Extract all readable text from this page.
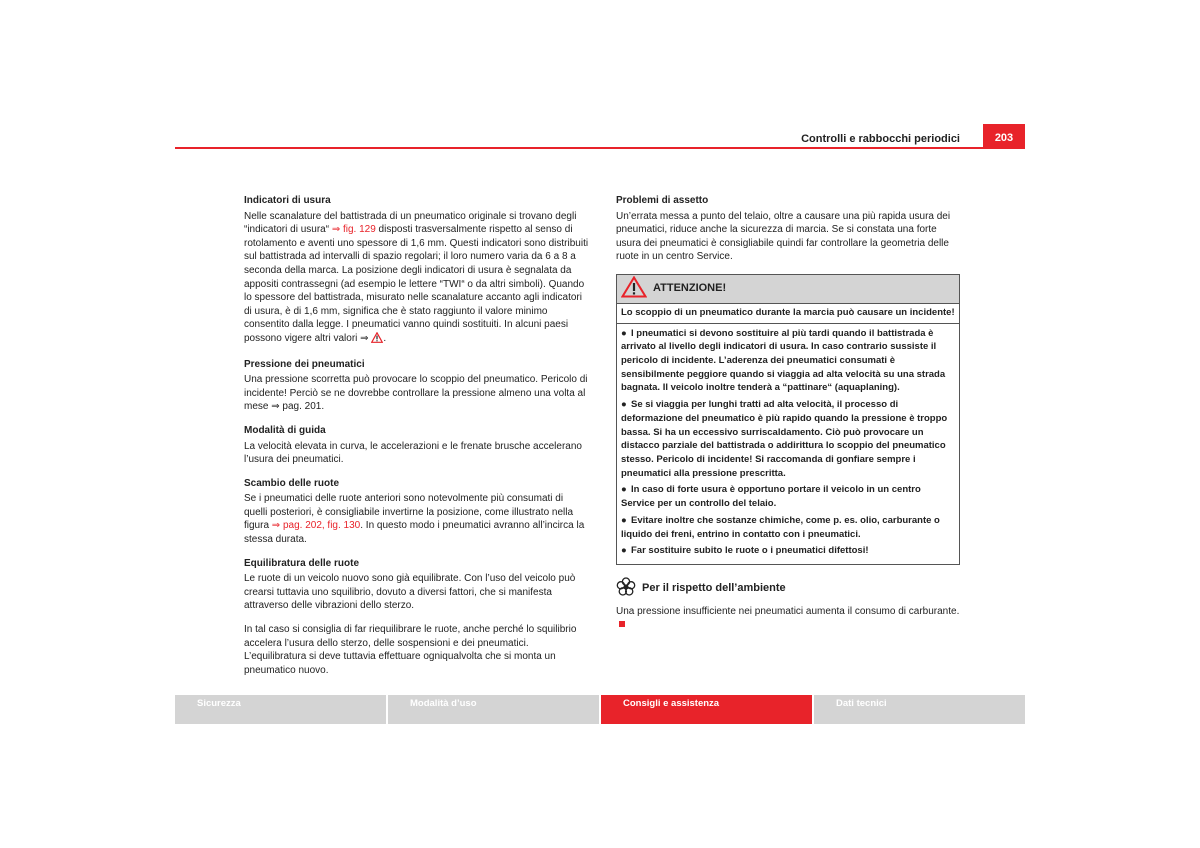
Controlli e rabbocchi periodici	203
Indicatori di usura

Nelle scanalature del battistrada di un pneumatico originale si trovano degli “indicatori di usura“ ⇒ fig. 129 disposti trasversalmente rispetto al senso di rotolamento e aventi uno spessore di 1,6 mm. Questi indicatori sono distribuiti sul battistrada ad intervalli di spazio regolari; il loro numero varia da 6 a 8 a seconda della marca. La posizione degli indicatori di usura è segnalata da appositi contrassegni (ad esempio le lettere “TWI“ o da altri simboli). Quando lo spessore del battistrada, misurato nelle scanalature accanto agli indicatori di usura, è di 1,6 mm, significa che è stato raggiunto il valore minimo consentito dalla legge. I pneumatici vanno quindi sostituiti. In alcuni paesi possono vigere altri valori ⇒ .

Pressione dei pneumatici

Una pressione scorretta può provocare lo scoppio del pneumatico. Pericolo di incidente! Perciò se ne dovrebbe controllare la pressione almeno una volta al mese ⇒ pag. 201.

Modalità di guida

La velocità elevata in curva, le accelerazioni e le frenate brusche accelerano l’usura dei pneumatici.

Scambio delle ruote

Se i pneumatici delle ruote anteriori sono notevolmente più consumati di quelli posteriori, è consigliabile invertirne la posizione, come illustrato nella figura ⇒ pag. 202, fig. 130. In questo modo i pneumatici avranno all’incirca la stessa durata.

Equilibratura delle ruote

Le ruote di un veicolo nuovo sono già equilibrate. Con l’uso del veicolo può crearsi tuttavia uno squilibrio, dovuto a diversi fattori, che si manifesta attraverso delle vibrazioni dello sterzo.

In tal caso si consiglia di far riequilibrare le ruote, anche perché lo squilibrio accelera l’usura dello sterzo, delle sospensioni e dei pneumatici. L’equilibratura si deve tuttavia effettuare ogniqualvolta che si monta un pneumatico nuovo.

Problemi di assetto

Un’errata messa a punto del telaio, oltre a causare una più rapida usura dei pneumatici, riduce anche la sicurezza di marcia. Se si constata una forte usura dei pneumatici è consigliabile quindi far controllare la geometria delle ruote in un centro Service.

ATTENZIONE!
Lo scoppio di un pneumatico durante la marcia può causare un incidente!
● I pneumatici si devono sostituire al più tardi quando il battistrada è arrivato al livello degli indicatori di usura. In caso contrario sussiste il pericolo di incidente. L’aderenza dei pneumatici consumati è sensibilmente peggiore quando si viaggia ad alta velocità su una strada bagnata. Il veicolo inoltre tenderà a “pattinare“ (aquaplaning).
● Se si viaggia per lunghi tratti ad alta velocità, il processo di deformazione del pneumatico è più rapido quando la pressione è troppo bassa. Si ha un eccessivo surriscaldamento. Ciò può provocare un distacco parziale del battistrada o addirittura lo scoppio del pneumatico stesso. Pericolo di incidente! Si raccomanda di gonfiare sempre i pneumatici alla pressione prescritta.
● In caso di forte usura è opportuno portare il veicolo in un centro Service per un controllo del telaio.
● Evitare inoltre che sostanze chimiche, come p. es. olio, carburante o liquido dei freni, entrino in contatto con i pneumatici.
● Far sostituire subito le ruote o i pneumatici difettosi!
Per il rispetto dell’ambiente

Una pressione insufficiente nei pneumatici aumenta il consumo di carburante.

Sicurezza	Modalità d’uso	Consigli e assistenza	Dati tecnici
